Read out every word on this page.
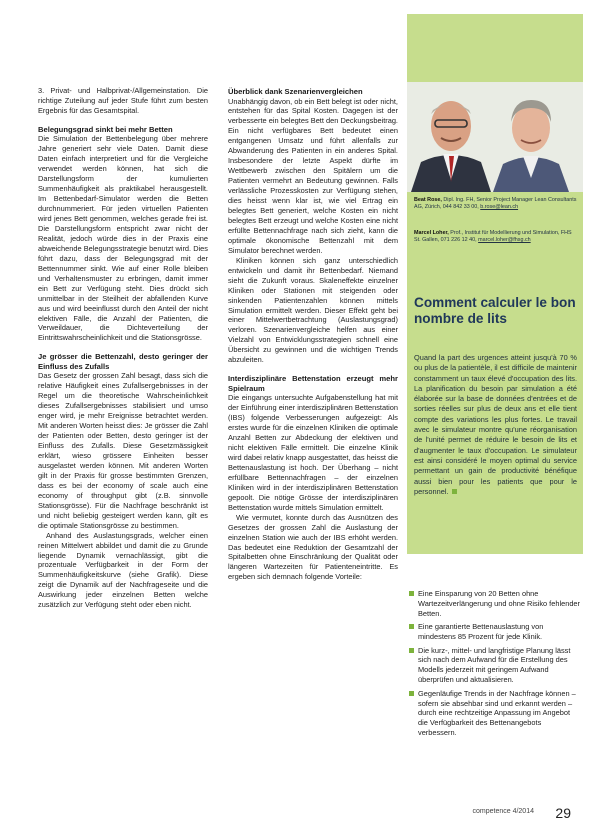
3. Privat- und Halbprivat-/Allgemeinstation. Die richtige Zuteilung auf jeder Stufe führt zum besten Ergebnis für das Gesamtspital.

Belegungsgrad sinkt bei mehr Betten

Die Simulation der Bettenbelegung über mehrere Jahre generiert sehr viele Daten. Damit diese Daten einfach interpretiert und für die Vergleiche verwendet werden können, hat sich die Darstellungsform der kumulierten Summenhäufigkeit als praktikabel herausgestellt. Im Bettenbedarf-Simulator werden die Betten durchnummeriert. Für jeden virtuellen Patienten wird jenes Bett genommen, welches gerade frei ist. Die Darstellungsform entspricht zwar nicht der Realität, jedoch würde dies in der Praxis eine abweichende Belegungsstrategie benutzt wird. Dies führt dazu, dass der Belegungsgrad mit der Bettennummer sinkt. Wie auf einer Rolle bleiben und Verhaltensmuster zu erbringen, damit immer ein Bett zur Verfügung steht. Dies drückt sich unmittelbar in der Steilheit der abfallenden Kurve aus und wird beeinflusst durch den Anteil der nicht elektiven Fälle, die Anzahl der Patienten, die Verweildauer, die Dichteverteilung der Eintrittswahrscheinlichkeit und die Stationsgrösse.

Je grösser die Bettenzahl, desto geringer der Einfluss des Zufalls

Das Gesetz der grossen Zahl besagt, dass sich die relative Häufigkeit eines Zufallsergebnisses in der Regel um die theoretische Wahrscheinlichkeit dieses Zufallsergebnisses stabilisiert und umso enger wird, je mehr Ereignisse betrachtet werden. Mit anderen Worten heisst dies: Je grösser die Zahl der Patienten oder Betten, desto geringer ist der Einfluss des Zufalls. Diese Gesetzmässigkeit erklärt, wieso grössere Einheiten besser ausgelastet werden können. Mit anderen Worten gilt in der Praxis für grosse bestimmten Grenzen, dass es bei der economy of scale auch eine economy of throughput gibt (z.B. sinnvolle Stationsgrösse). Für die Nachfrage beschränkt ist und nicht beliebig gesteigert werden kann, gilt es die optimale Stationsgrösse zu bestimmen.

Anhand des Auslastungsgrads, welcher einen reinen Mittelwert abbildet und damit die zu Grunde liegende Dynamik vernachlässigt, gibt die prozentuale Verfügbarkeit in der Form der Summenhäufigkeitskurve (siehe Grafik). Diese zeigt die Dynamik auf der Nachfrageseite und die Auswirkung jeder einzelnen Betten welche zusätzlich zur Verfügung steht oder eben nicht.

Überblick dank Szenarienvergleichen

Unabhängig davon, ob ein Bett belegt ist oder nicht, entstehen für das Spital Kosten. Dagegen ist der verbesserte ein belegtes Bett den Deckungsbeitrag. Ein nicht verfügbares Bett bedeutet einen entgangenen Umsatz und führt allenfalls zur Abwanderung des Patienten in ein anderes Spital. Insbesondere der letzte Aspekt dürfte im Wettbewerb zwischen den Spitälern um die Patienten vermehrt an Bedeutung gewinnen. Falls verlässliche Prozesskosten zur Verfügung stehen, dies heisst wenn klar ist, wie viel Ertrag ein belegtes Bett generiert, welche Kosten ein nicht belegtes Bett erzeugt und welche Kosten eine nicht erfüllte Bettennachfrage nach sich zieht, kann die optimale ökonomische Bettenzahl mit dem Simulator berechnet werden.

Kliniken können sich ganz unterschiedlich entwickeln und damit ihr Bettenbedarf. Niemand sieht die Zukunft voraus. Skaleneffekte einzelner Kliniken oder Stationen mit steigenden oder sinkenden Patientenzahlen können mittels Simulation ermittelt werden. Dieser Effekt geht bei einer Mittelwertbetrachtung (Auslastungsgrad) verloren. Szenarienvergleiche helfen aus einer Vielzahl von Entwicklungsstrategien schnell eine Übersicht zu gewinnen und die wichtigen Trends abzuleiten.

Interdisziplinäre Bettenstation erzeugt mehr Spielraum

Die eingangs untersuchte Aufgabenstellung hat mit der Einführung einer interdisziplinären Bettenstation (IBS) folgende Verbesserungen aufgezeigt: Als erstes wurde für die einzelnen Kliniken die optimale Anzahl Betten zur Abdeckung der elektiven und nicht elektiven Fälle ermittelt. Die einzelne Klinik wird dabei relativ knapp ausgestattet, das heisst die Bettenauslastung ist hoch. Der Überhang – nicht erfüllbare Bettennachfragen – der einzelnen Kliniken wird in der interdisziplinären Bettenstation gepoolt. Die nötige Grösse der interdisziplinären Bettenstation wurde mittels Simulation ermittelt.

Wie vermutet, konnte durch das Ausnützen des Gesetzes der grossen Zahl die Auslastung der einzelnen Station wie auch der IBS erhöht werden. Das bedeutet eine Reduktion der Gesamtzahl der Spitalbetten ohne Einschränkung der Qualität oder längeren Wartezeiten für Patienteneintritte. Es ergeben sich demnach folgende Vorteile:

Beat Rose, Dipl. Ing. FH, Senior Project Manager Lean Consultants AG, Zürich, 044 842 33 00, b.rose@lean.ch
Marcel Loher, Prof., Institut für Modellierung und Simulation, FHS St. Gallen, 071 226 12 40, marcel.loher@fhsg.ch
Comment calculer le bon nombre de lits
Quand la part des urgences atteint jusqu'à 70 % ou plus de la patientèle, il est difficile de maintenir constamment un taux élevé d'occupation des lits. La planification du besoin par simulation a été élaborée sur la base de données d'entrées et de sorties réelles sur plus de deux ans et elle tient compte des variations les plus fortes. Le travail avec le simulateur montre qu'une réorganisation de l'unité permet de réduire le besoin de lits et d'augmenter le taux d'occupation. Le simulateur est ainsi considéré le moyen optimal du service permettant un gain de productivité bénéfique aussi bien pour les patients que pour le personnel.
Eine Einsparung von 20 Betten ohne Wartezeitverlängerung und ohne Risiko fehlender Betten.
Eine garantierte Bettenauslastung von mindestens 85 Prozent für jede Klinik.
Die kurz-, mittel- und langfristige Planung lässt sich nach dem Aufwand für die Erstellung des Modells jederzeit mit geringem Aufwand überprüfen und aktualisieren.
Gegenläufige Trends in der Nachfrage können – sofern sie absehbar sind und erkannt werden – durch eine rechtzeitige Anpassung im Angebot die Verfügbarkeit des Bettenangebots verbessern.
competence 4/2014 29
